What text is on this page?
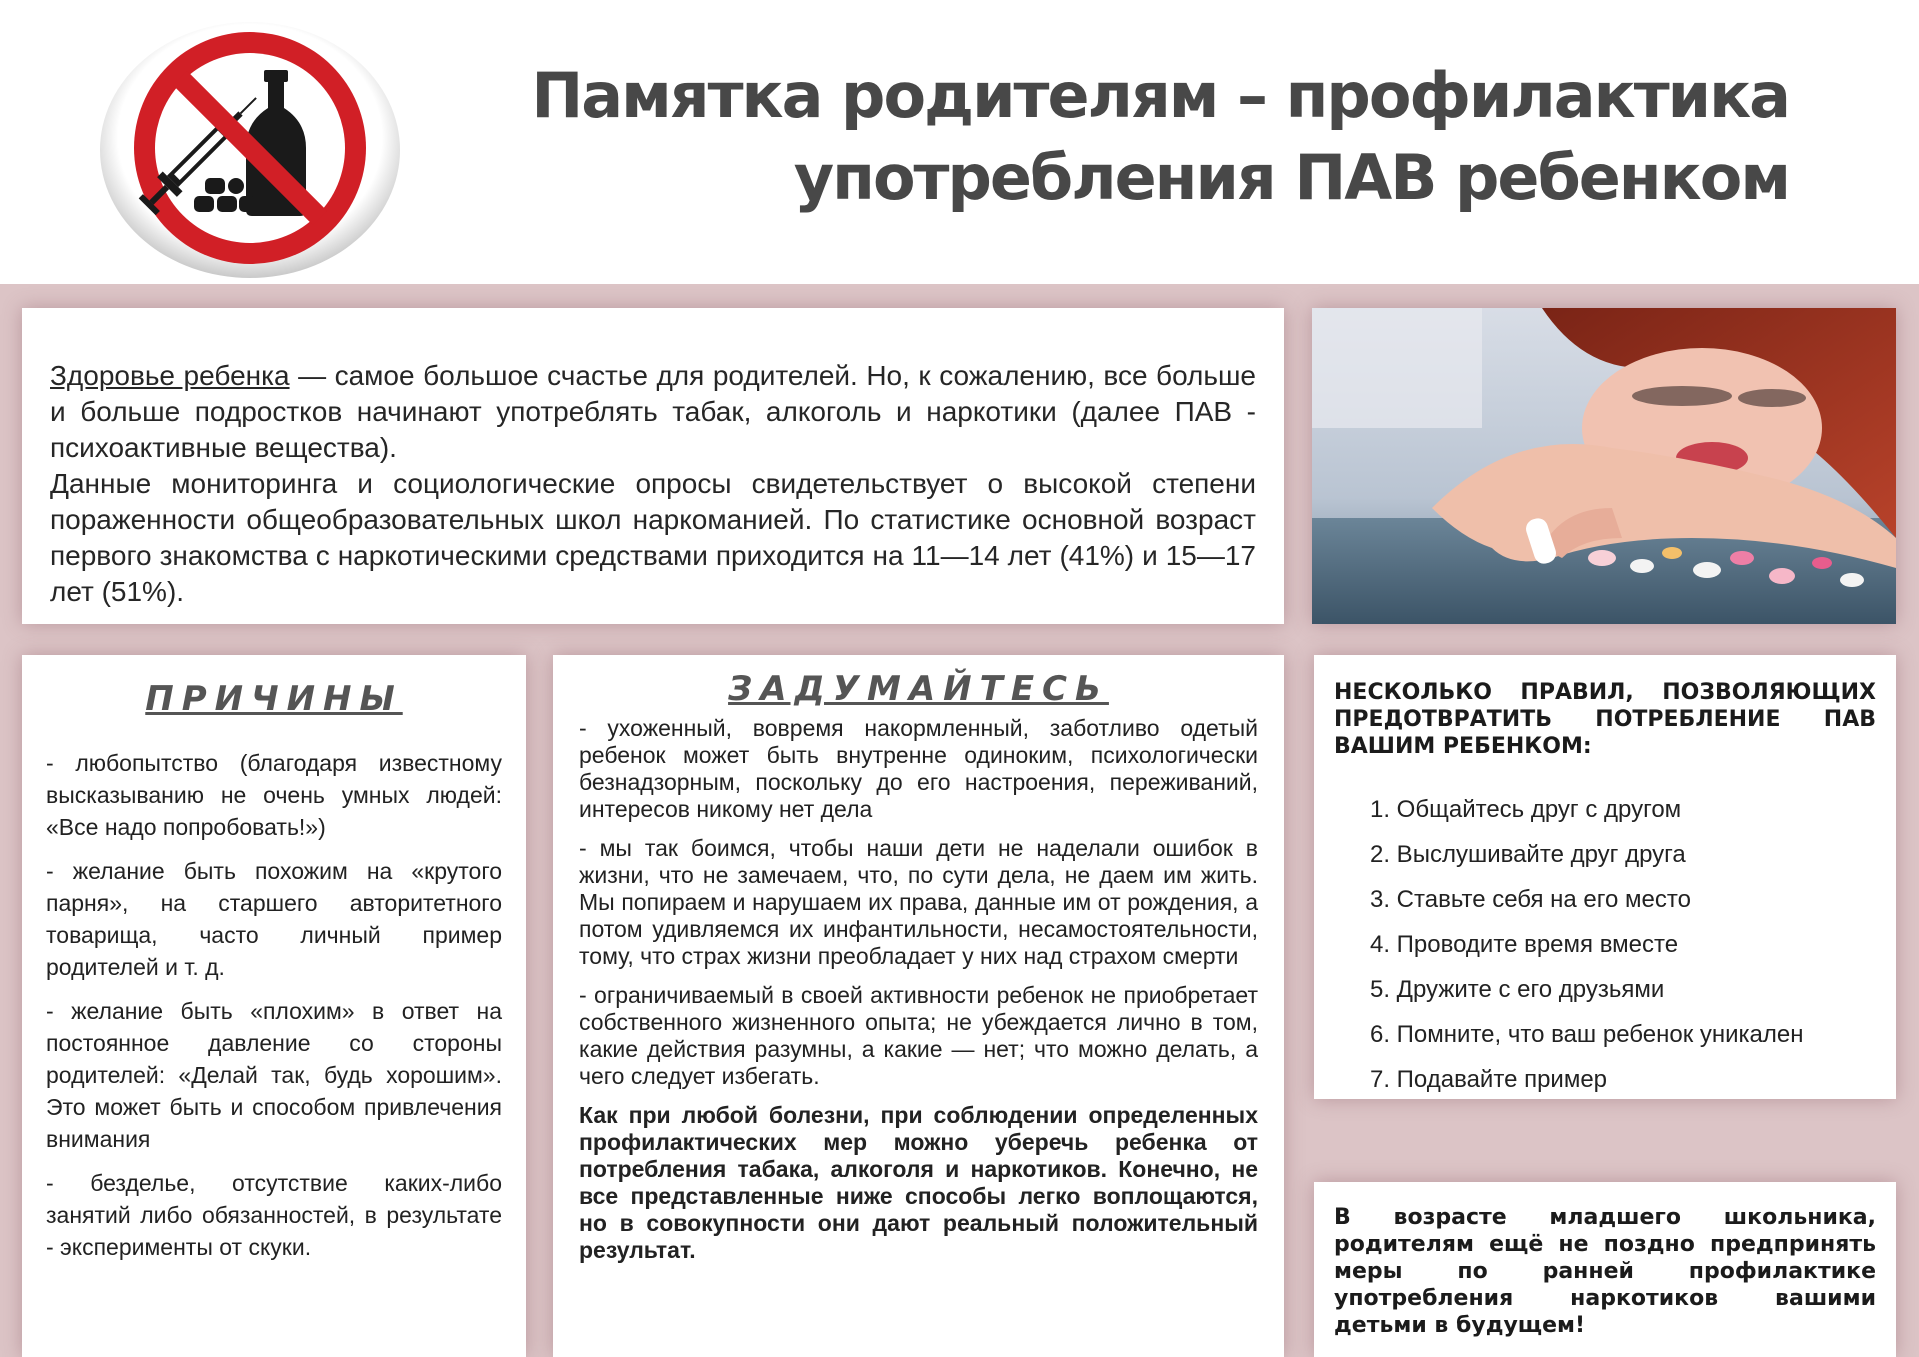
Памятка родителям – профилактика
употребления ПАВ ребенком

Здоровье ребенка — самое большое счастье для родителей. Но, к сожалению, все больше и больше подростков начинают употреблять табак, алкоголь и наркотики (далее ПАВ - психоактивные вещества).

Данные мониторинга и социологические опросы свидетельствует о высокой степени пораженности общеобразовательных школ наркоманией. По статистике основной возраст первого знакомства с наркотическими средствами приходится на 11—14 лет (41%) и 15—17 лет (51%).

ПРИЧИНЫ

- любопытство (благодаря известному высказыванию не очень умных людей: «Все надо попробовать!»)

- желание быть похожим на «крутого парня», на старшего авторитетного товарища, часто личный пример родителей и т. д.

- желание быть «плохим» в ответ на постоянное давление со стороны родителей: «Делай так, будь хорошим». Это может быть и способом привлечения внимания

- безделье, отсутствие каких-либо занятий либо обязанностей, в результате - эксперименты от скуки.

ЗАДУМАЙТЕСЬ

- ухоженный, вовремя накормленный, заботливо одетый ребенок может быть внутренне одиноким, психологически безнадзорным, поскольку до его настроения, переживаний, интересов никому нет дела

- мы так боимся, чтобы наши дети не наделали ошибок в жизни, что не замечаем, что, по сути дела, не даем им жить. Мы попираем и нарушаем их права, данные им от рождения, а потом удивляемся их инфантильности, несамостоятельности, тому, что страх жизни преобладает у них над страхом смерти

- ограничиваемый в своей активности ребенок не приобретает собственного жизненного опыта; не убеждается лично в том, какие действия разумны, а какие — нет; что можно делать, а чего следует избегать.

Как при любой болезни, при соблюдении определенных профилактических мер можно уберечь ребенка от потребления табака, алкоголя и наркотиков. Конечно, не все представленные ниже способы легко воплощаются, но в совокупности они дают реальный положительный результат.

НЕСКОЛЬКО ПРАВИЛ, ПОЗВОЛЯЮЩИХ ПРЕДОТВРАТИТЬ ПОТРЕБЛЕНИЕ ПАВ ВАШИМ РЕБЕНКОМ:

1. Общайтесь друг с другом
2. Выслушивайте друг друга
3. Ставьте себя на его место
4. Проводите время вместе
5. Дружите с его друзьями
6. Помните, что ваш ребенок уникален
7. Подавайте пример

В возрасте младшего школьника, родителям ещё не поздно предпринять меры по ранней профилактике употребления наркотиков вашими детьми в будущем!
